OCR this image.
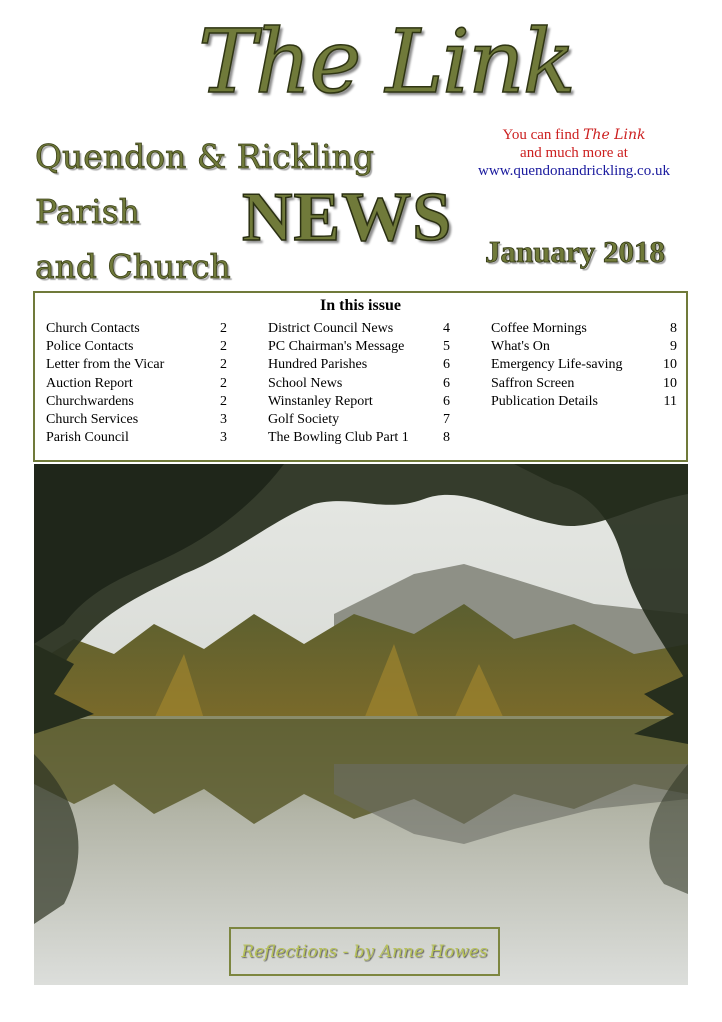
The Link
Quendon & Rickling
Parish
and Church
NEWS January 2018
You can find The Link
and much more at
www.quendonandrickling.co.uk
In this issue
Church Contacts	2
Police Contacts	2
Letter from the Vicar	2
Auction Report	2
Churchwardens	2
Church Services	3
Parish Council	3
District Council News	4
PC Chairman's Message	5
Hundred Parishes	6
School News	6
Winstanley Report	6
Golf Society	7
The Bowling Club Part 1 8
Coffee Mornings	8
What's On	9
Emergency Life-saving	10
Saffron Screen	10
Publication Details	11
Reflections - by Anne Howes
